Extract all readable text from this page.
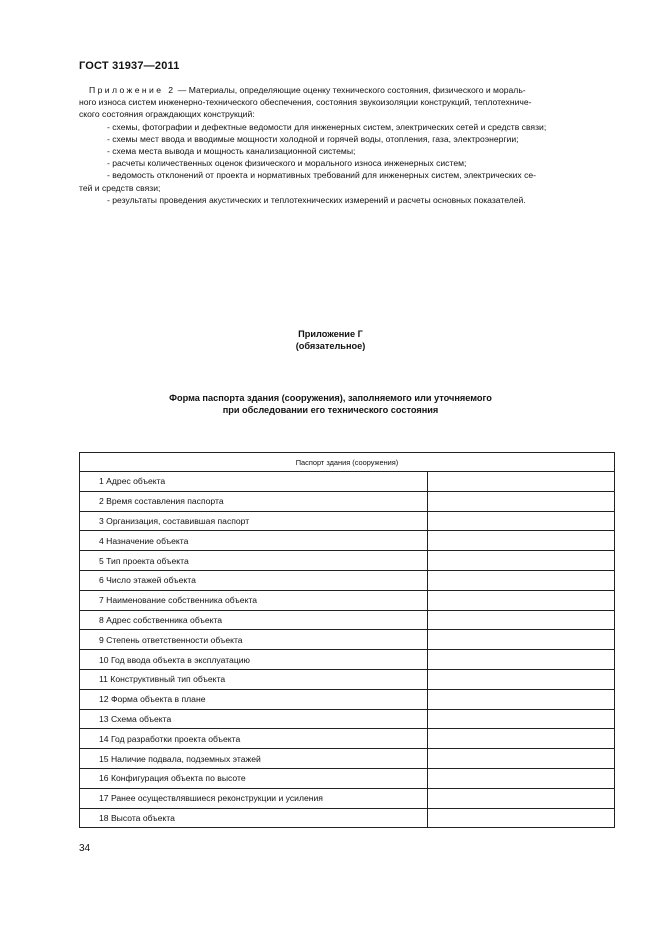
ГОСТ 31937—2011

Приложение 2 — Материалы, определяющие оценку технического состояния, физического и мораль-

ного износа систем инженерно-технического обеспечения, состояния звукоизоляции конструкций, теплотехниче-

ского состояния ограждающих конструкций:

- схемы, фотографии и дефектные ведомости для инженерных систем, электрических сетей и средств связи;

- схемы мест ввода и вводимые мощности холодной и горячей воды, отопления, газа, электроэнергии;

- схема места вывода и мощность канализационной системы;

- расчеты количественных оценок физического и морального износа инженерных систем;

- ведомость отклонений от проекта и нормативных требований для инженерных систем, электрических се-

тей и средств связи;

- результаты проведения акустических и теплотехнических измерений и расчеты основных показателей.

Приложение Г
(обязательное)
Форма паспорта здания (сооружения), заполняемого или уточняемого
при обследовании его технического состояния
Паспорт здания (сооружения)	
1 Адрес объекта	
2 Время составления паспорта	
3 Организация, составившая паспорт	
4 Назначение объекта	
5 Тип проекта объекта	
6 Число этажей объекта	
7 Наименование собственника объекта	
8 Адрес собственника объекта	
9 Степень ответственности объекта	
10 Год ввода объекта в эксплуатацию	
11 Конструктивный тип объекта	
12 Форма объекта в плане	
13 Схема объекта	
14 Год разработки проекта объекта	
15 Наличие подвала, подземных этажей	
16 Конфигурация объекта по высоте	
17 Ранее осуществлявшиеся реконструкции и усиления	
18 Высота объекта	
34
